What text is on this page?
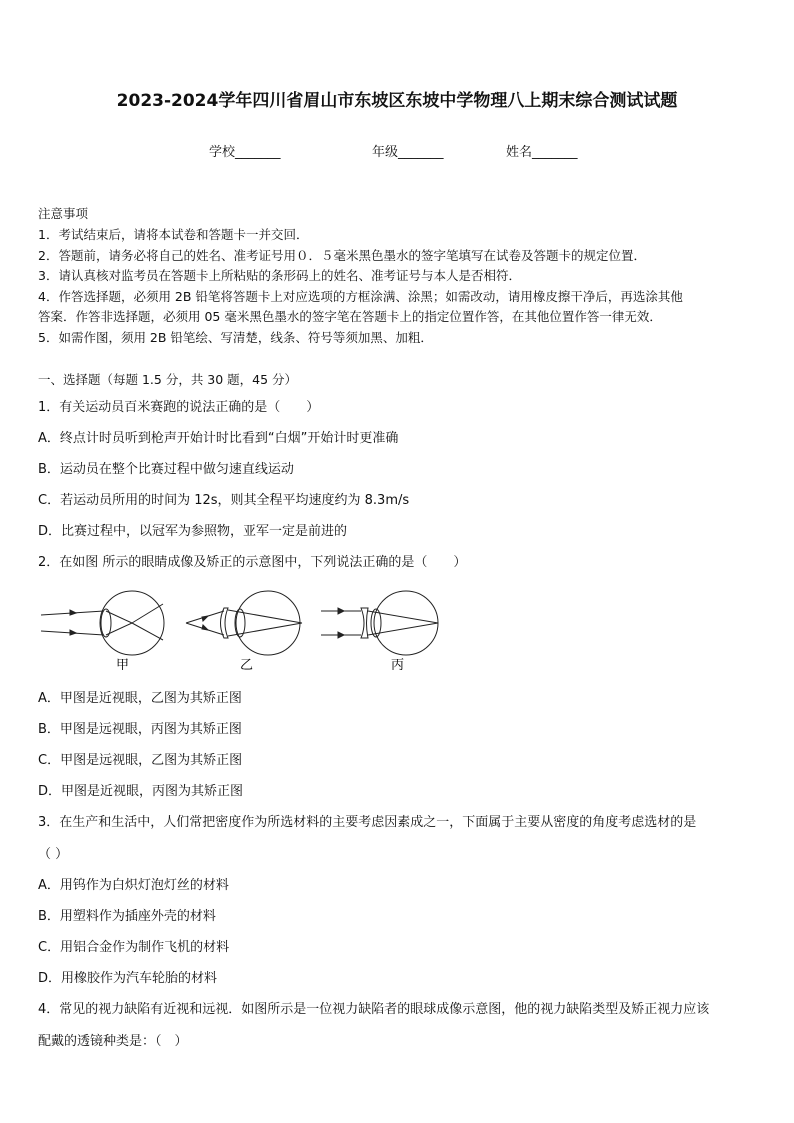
2023-2024学年四川省眉山市东坡区东坡中学物理八上期末综合测试试题
学校_______	年级_______	姓名_______
注意事项
1．考试结束后，请将本试卷和答题卡一并交回．
2．答题前，请务必将自己的姓名、准考证号用０．５毫米黑色墨水的签字笔填写在试卷及答题卡的规定位置．
3．请认真核对监考员在答题卡上所粘贴的条形码上的姓名、准考证号与本人是否相符．
4．作答选择题，必须用 2B 铅笔将答题卡上对应选项的方框涂满、涂黑；如需改动，请用橡皮擦干净后，再选涂其他
答案．作答非选择题，必须用 05 毫米黑色墨水的签字笔在答题卡上的指定位置作答，在其他位置作答一律无效．
5．如需作图，须用 2B 铅笔绘、写清楚，线条、符号等须加黑、加粗．
一、选择题（每题 1.5 分，共 30 题，45 分）
1．有关运动员百米赛跑的说法正确的是（　　）
A．终点计时员听到枪声开始计时比看到“白烟”开始计时更准确
B．运动员在整个比赛过程中做匀速直线运动
C．若运动员所用的时间为 12s，则其全程平均速度约为 8.3m/s
D．比赛过程中，以冠军为参照物，亚军一定是前进的
2．在如图 所示的眼睛成像及矫正的示意图中，下列说法正确的是（　　）
甲	乙	丙
A．甲图是近视眼，乙图为其矫正图
B．甲图是远视眼，丙图为其矫正图
C．甲图是远视眼，乙图为其矫正图
D．甲图是近视眼，丙图为其矫正图
3．在生产和生活中，人们常把密度作为所选材料的主要考虑因素成之一，下面属于主要从密度的角度考虑选材的是
（ ）
A．用钨作为白炽灯泡灯丝的材料
B．用塑料作为插座外壳的材料
C．用铝合金作为制作飞机的材料
D．用橡胶作为汽车轮胎的材料
4．常见的视力缺陷有近视和远视．如图所示是一位视力缺陷者的眼球成像示意图，他的视力缺陷类型及矫正视力应该
配戴的透镜种类是：（　）
